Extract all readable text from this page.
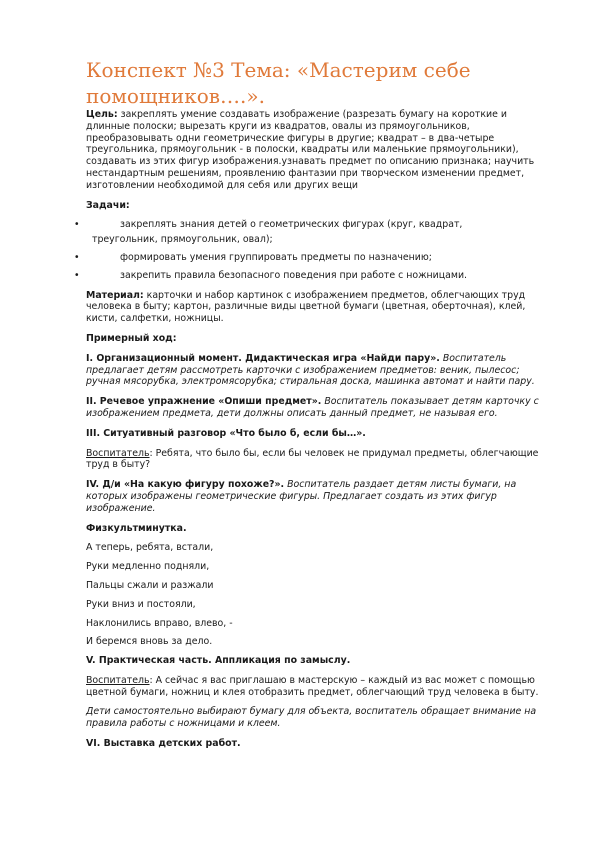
Конспект №3 Тема: «Мастерим себе помощников….».

Цель: закреплять умение создавать изображение (разрезать бумагу на короткие и длинные полоски; вырезать круги из квадратов, овалы из прямоугольников, преобразовывать одни геометрические фигуры в другие; квадрат – в два-четыре треугольника, прямоугольник - в полоски, квадраты или маленькие прямоугольники), создавать из этих фигур изображения.узнавать предмет по описанию признака; научить нестандартным решениям, проявлению фантазии при творческом изменении предмет, изготовлении необходимой для себя или других вещи

Задачи:

•	закреплять знания детей о геометрических фигурах (круг, квадрат,
треугольник, прямоугольник, овал);
•	формировать умения группировать предметы по назначению;
•	закрепить правила безопасного поведения при работе с ножницами.

Материал: карточки и набор картинок с изображением предметов, облегчающих труд человека в быту; картон, различные виды цветной бумаги (цветная, оберточная), клей, кисти, салфетки, ножницы.

Примерный ход:

I. Организационный момент. Дидактическая игра «Найди пару». Воспитатель предлагает детям рассмотреть карточки с изображением предметов: веник, пылесос; ручная мясорубка, электромясорубка; стиральная доска, машинка автомат и найти пару.

II. Речевое упражнение «Опиши предмет». Воспитатель показывает детям карточку с изображением предмета, дети должны описать данный предмет, не называя его.

III. Ситуативный разговор «Что было б, если бы…».

Воспитатель: Ребята, что было бы, если бы человек не придумал предметы, облегчающие труд в быту?

IV. Д/и «На какую фигуру похоже?». Воспитатель раздает детям листы бумаги, на которых изображены геометрические фигуры. Предлагает создать из этих фигур изображение.

Физкультминутка.

А теперь, ребята, встали,

Руки медленно подняли,

Пальцы сжали и разжали

Руки вниз и постояли,

Наклонились вправо, влево, -

И беремся вновь за дело.

V. Практическая часть. Аппликация по замыслу.

Воспитатель: А сейчас я вас приглашаю в мастерскую – каждый из вас может с помощью цветной бумаги, ножниц и клея отобразить предмет, облегчающий труд человека в быту.

Дети самостоятельно выбирают бумагу для объекта, воспитатель обращает внимание на правила работы с ножницами и клеем.

VI. Выставка детских работ.
